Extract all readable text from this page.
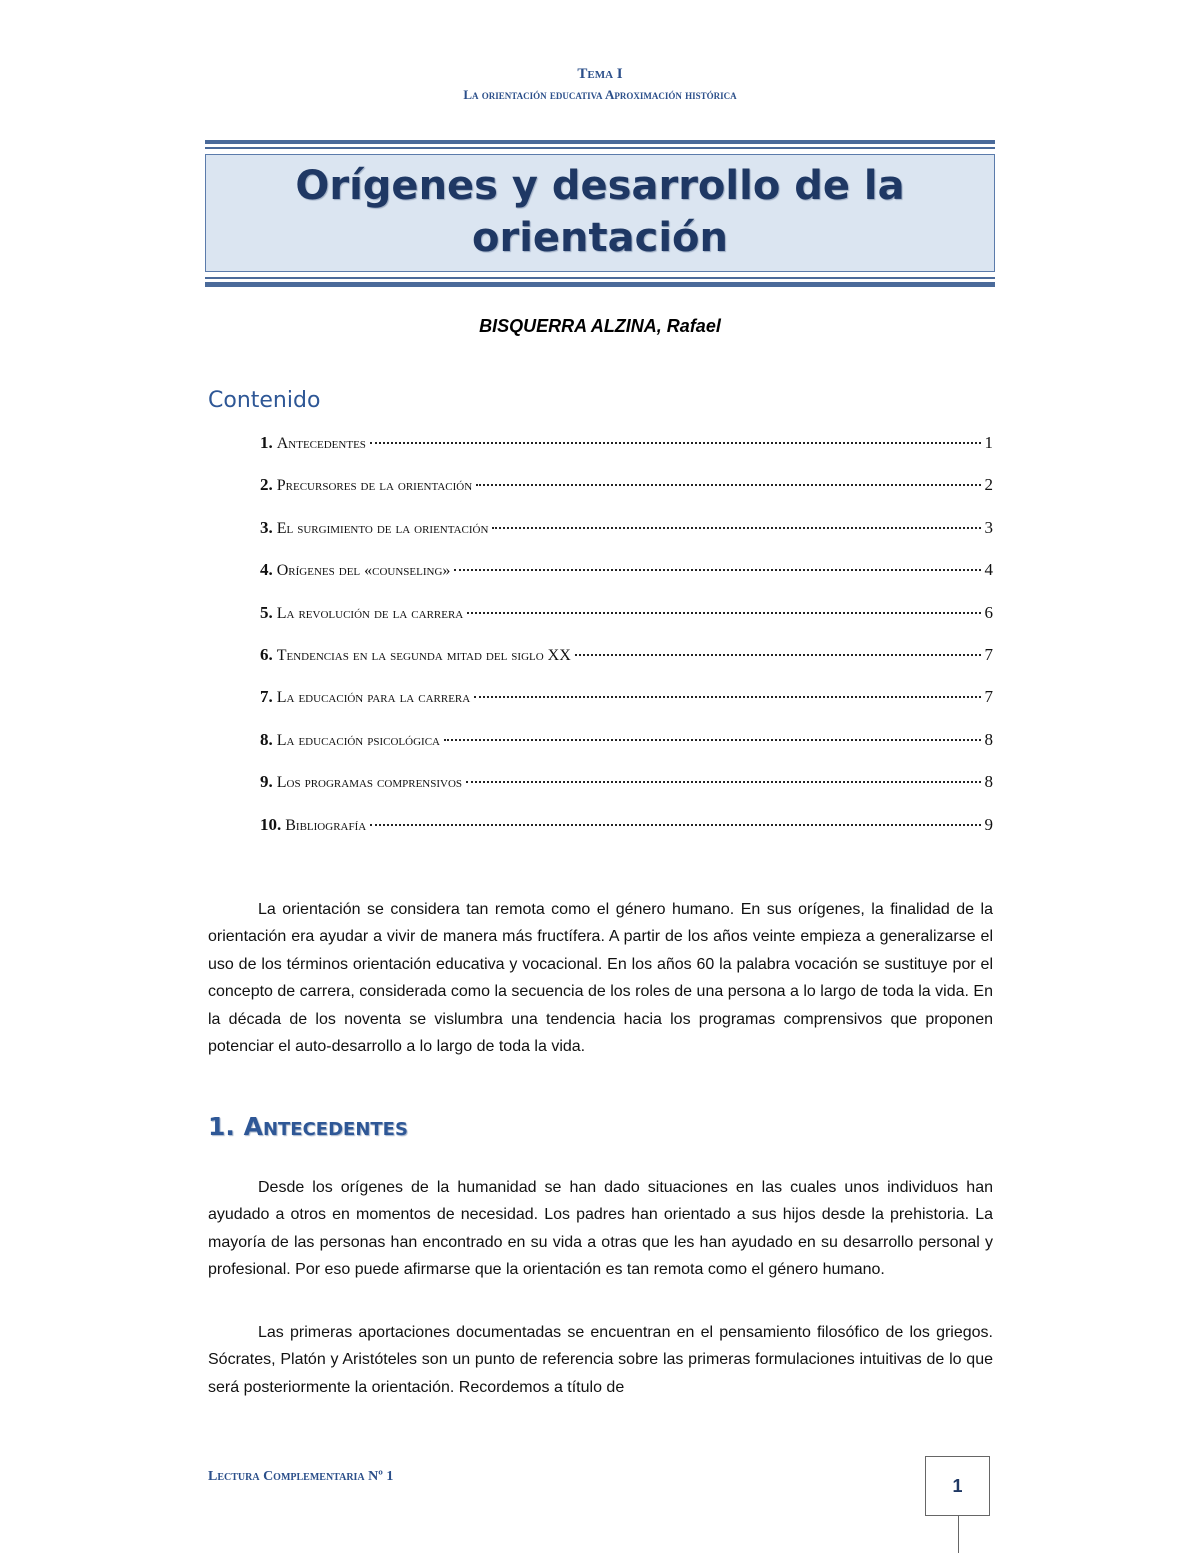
Tema I
La orientación educativa Aproximación histórica
Orígenes y desarrollo de la
orientación
BISQUERRA ALZINA, Rafael
Contenido
1. Antecedentes	1
2. Precursores de la orientación	2
3. El surgimiento de la orientación	3
4. Orígenes del «counseling»	4
5. La revolución de la carrera	6
6. Tendencias en la segunda mitad del siglo XX	7
7. La educación para la carrera	7
8. La educación psicológica	8
9. Los programas comprensivos	8
10. Bibliografía	9

La orientación se considera tan remota como el género humano. En sus orígenes, la finalidad de la orientación era ayudar a vivir de manera más fructífera. A partir de los años veinte empieza a generalizarse el uso de los términos orientación educativa y vocacional. En los años 60 la palabra vocación se sustituye por el concepto de carrera, considerada como la secuencia de los roles de una persona a lo largo de toda la vida. En la década de los noventa se vislumbra una tendencia hacia los programas comprensivos que proponen potenciar el auto-desarrollo a lo largo de toda la vida.

1. Antecedentes

Desde los orígenes de la humanidad se han dado situaciones en las cuales unos individuos han ayudado a otros en momentos de necesidad. Los padres han orientado a sus hijos desde la prehistoria. La mayoría de las personas han encontrado en su vida a otras que les han ayudado en su desarrollo personal y profesional. Por eso puede afirmarse que la orientación es tan remota como el género humano.

Las primeras aportaciones documentadas se encuentran en el pensamiento filosófico de los griegos. Sócrates, Platón y Aristóteles son un punto de referencia sobre las primeras formulaciones intuitivas de lo que será posteriormente la orientación. Recordemos a título de

Lectura Complementaria Nº 1	1
